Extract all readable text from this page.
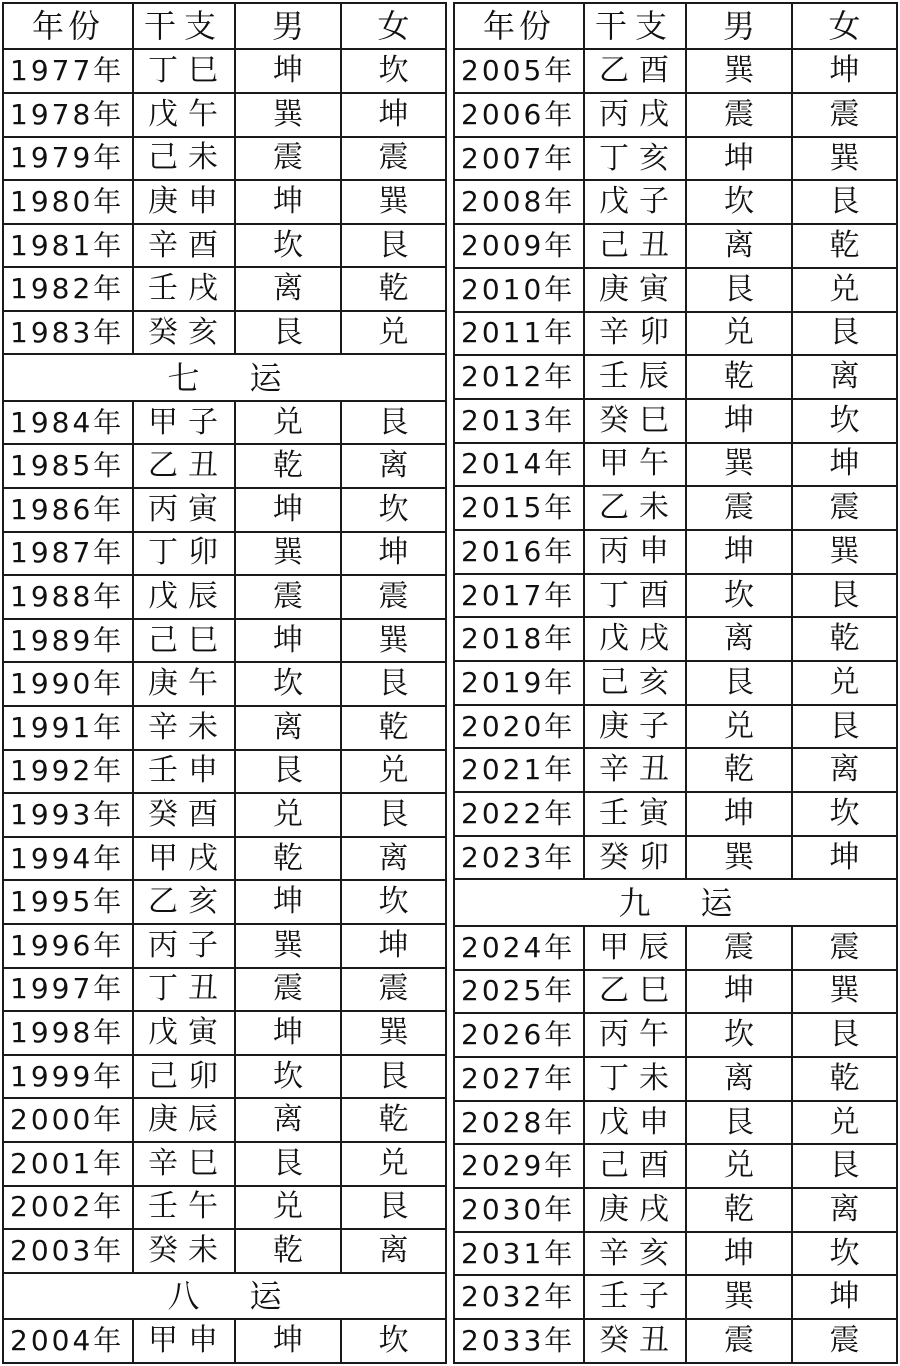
年份	干支	男	女
1977年	丁巳	坤	坎
1978年	戊午	巽	坤
1979年	己未	震	震
1980年	庚申	坤	巽
1981年	辛酉	坎	艮
1982年	壬戌	离	乾
1983年	癸亥	艮	兑
七运			
1984年	甲子	兑	艮
1985年	乙丑	乾	离
1986年	丙寅	坤	坎
1987年	丁卯	巽	坤
1988年	戊辰	震	震
1989年	己巳	坤	巽
1990年	庚午	坎	艮
1991年	辛未	离	乾
1992年	壬申	艮	兑
1993年	癸酉	兑	艮
1994年	甲戌	乾	离
1995年	乙亥	坤	坎
1996年	丙子	巽	坤
1997年	丁丑	震	震
1998年	戊寅	坤	巽
1999年	己卯	坎	艮
2000年	庚辰	离	乾
2001年	辛巳	艮	兑
2002年	壬午	兑	艮
2003年	癸未	乾	离
八运			
2004年	甲申	坤	坎
年份	干支	男	女
2005年	乙酉	巽	坤
2006年	丙戌	震	震
2007年	丁亥	坤	巽
2008年	戊子	坎	艮
2009年	己丑	离	乾
2010年	庚寅	艮	兑
2011年	辛卯	兑	艮
2012年	壬辰	乾	离
2013年	癸巳	坤	坎
2014年	甲午	巽	坤
2015年	乙未	震	震
2016年	丙申	坤	巽
2017年	丁酉	坎	艮
2018年	戊戌	离	乾
2019年	己亥	艮	兑
2020年	庚子	兑	艮
2021年	辛丑	乾	离
2022年	壬寅	坤	坎
2023年	癸卯	巽	坤
九运			
2024年	甲辰	震	震
2025年	乙巳	坤	巽
2026年	丙午	坎	艮
2027年	丁未	离	乾
2028年	戊申	艮	兑
2029年	己酉	兑	艮
2030年	庚戌	乾	离
2031年	辛亥	坤	坎
2032年	壬子	巽	坤
2033年	癸丑	震	震
